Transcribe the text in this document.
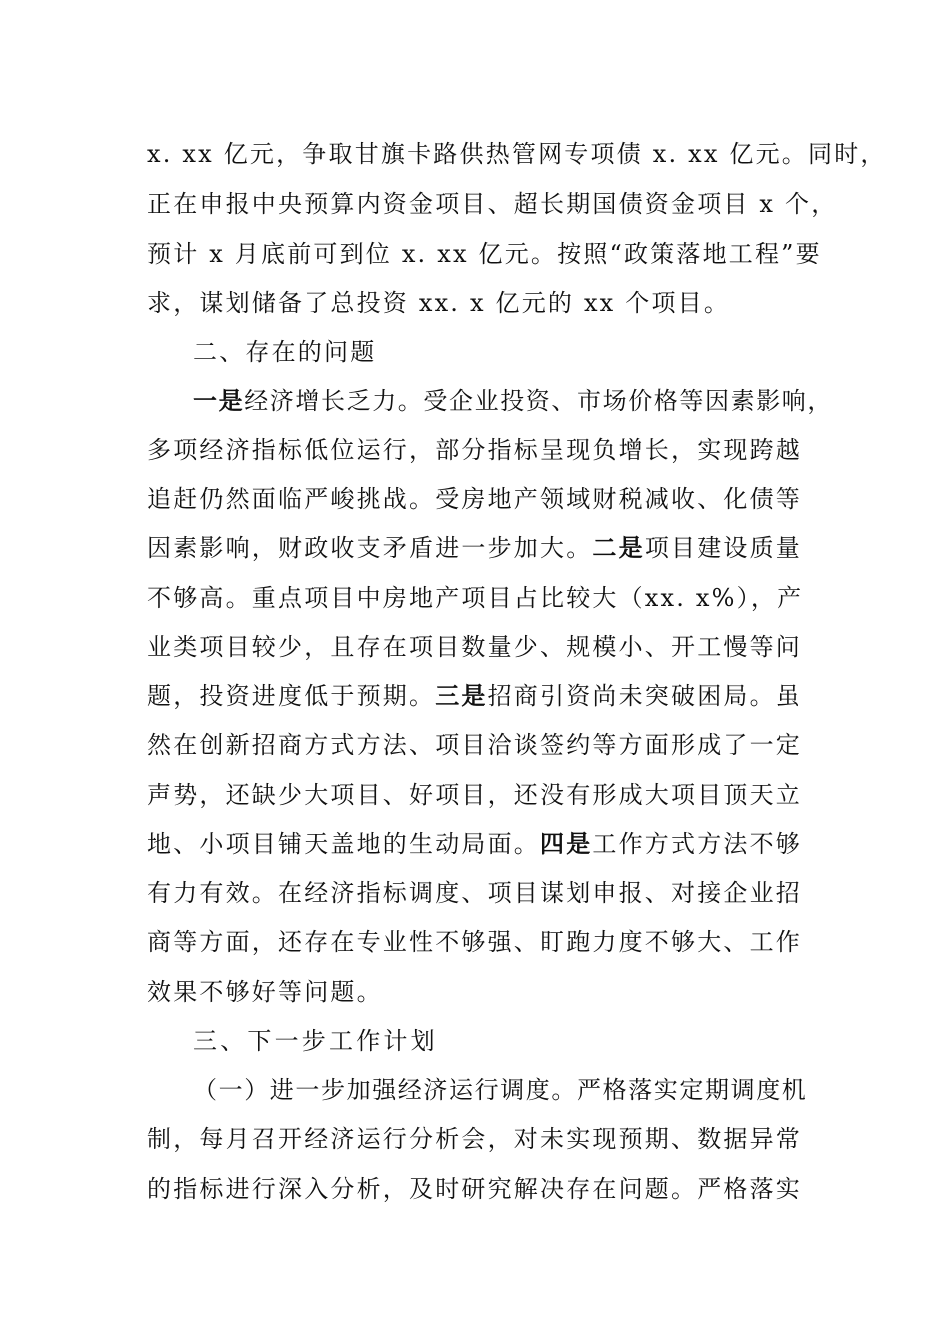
x. xx 亿元，争取甘旗卡路供热管网专项债 x. xx 亿元。同时，
正在申报中央预算内资金项目、超长期国债资金项目 x 个，
预计 x 月底前可到位 x. xx 亿元。按照“政策落地工程”要
求，谋划储备了总投资 xx. x 亿元的 xx 个项目。
二、存在的问题
一是经济增长乏力。受企业投资、市场价格等因素影响，
多项经济指标低位运行，部分指标呈现负增长，实现跨越
追赶仍然面临严峻挑战。受房地产领域财税减收、化债等
因素影响，财政收支矛盾进一步加大。二是项目建设质量
不够高。重点项目中房地产项目占比较大（xx. x%），产
业类项目较少，且存在项目数量少、规模小、开工慢等问
题，投资进度低于预期。三是招商引资尚未突破困局。虽
然在创新招商方式方法、项目洽谈签约等方面形成了一定
声势，还缺少大项目、好项目，还没有形成大项目顶天立
地、小项目铺天盖地的生动局面。四是工作方式方法不够
有力有效。在经济指标调度、项目谋划申报、对接企业招
商等方面，还存在专业性不够强、盯跑力度不够大、工作
效果不够好等问题。
三、下一步工作计划
（一）进一步加强经济运行调度。严格落实定期调度机
制，每月召开经济运行分析会，对未实现预期、数据异常
的指标进行深入分析，及时研究解决存在问题。严格落实
